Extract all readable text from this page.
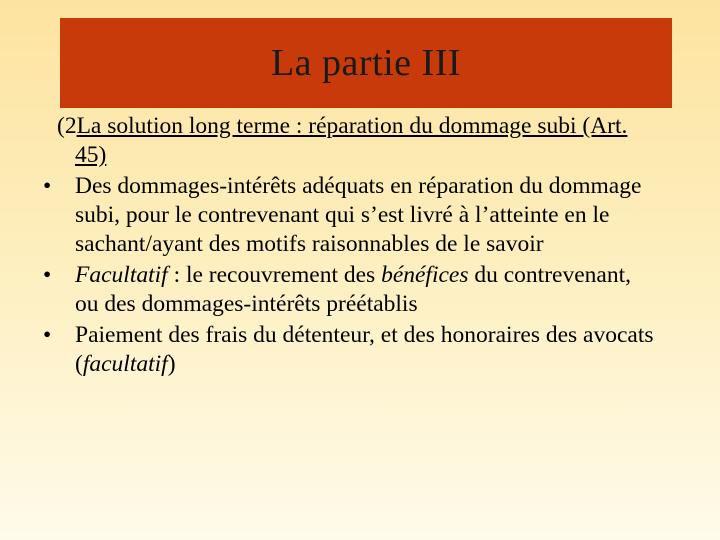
La partie III

(2La solution long terme : réparation du dommage subi (Art. 45)

• Des dommages-intérêts adéquats en réparation du dommage subi, pour le contrevenant qui s’est livré à l’atteinte en le sachant/ayant des motifs raisonnables de le savoir

• Facultatif : le recouvrement des bénéfices du contrevenant, ou des dommages-intérêts préétablis

• Paiement des frais du détenteur, et des honoraires des avocats (facultatif)
